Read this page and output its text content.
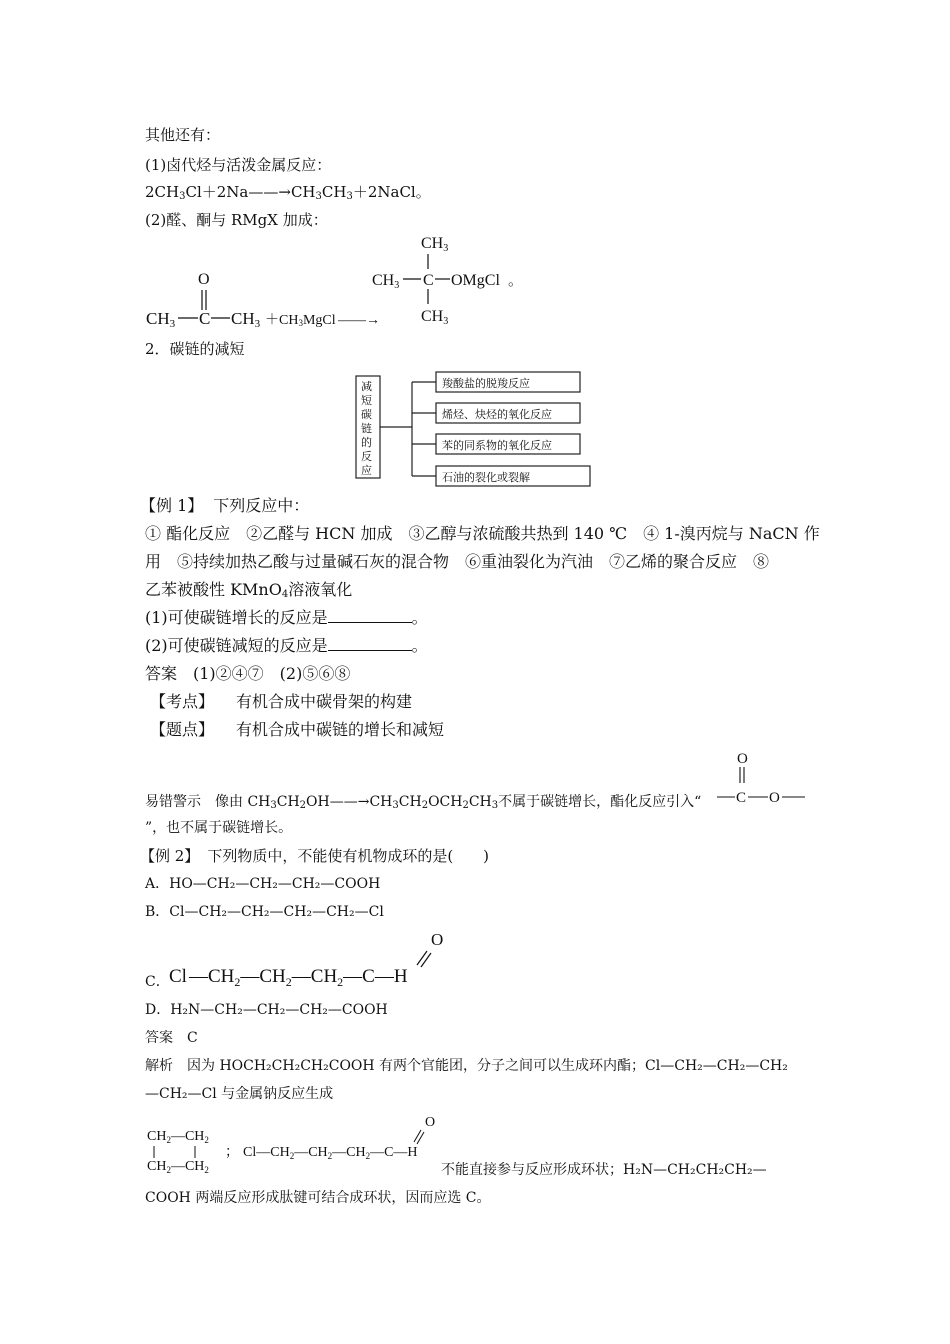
其他还有：
(1)卤代烃与活泼金属反应：
$2CH_3Cl+2Na——\to CH_3CH_3+2NaCl$。
(2)醛、酮与 RMgX 加成：
O
CH3 C CH3 ＋CH3MgCl ——→
CH3
CH3 C OMgCl 。
CH3
2．碳链的减短
减
短
碳
链
的
反
应
羧酸盐的脱羧反应
烯烃、炔烃的氧化反应
苯的同系物的氧化反应
石油的裂化或裂解
【例 1】 下列反应中：
① 酯化反应　②乙醛与 HCN 加成　③乙醇与浓硫酸共热到 140 ℃　④ 1-溴丙烷与 NaCN 作
用　⑤持续加热乙酸与过量碱石灰的混合物　⑥重油裂化为汽油　⑦乙烯的聚合反应　⑧
乙苯被酸性 KMnO$_4$溶液氧化
(1)可使碳链增长的反应是	。
(2)可使碳链减短的反应是	。
答案　(1)②④⑦　(2)⑤⑥⑧
【考点】 有机合成中碳骨架的构建
【题点】 有机合成中碳链的增长和减短
易错警示　 像由 $CH_3CH_2OH——\to CH_3CH_2OCH_2CH_3$不属于碳链增长，酯化反应引入“
O
C O
”，也不属于碳链增长。
【例 2】 下列物质中，不能使有机物成环的是(　　)
A．HO—CH₂—CH₂—CH₂—COOH
B．Cl—CH₂—CH₂—CH₂—CH₂—Cl
C．
O
Cl $—CH_2—CH_2—CH_2—C—H$
D．H₂N—CH₂—CH₂—CH₂—COOH
答案　C
解析　因为 HOCH₂CH₂CH₂COOH 有两个官能团，分子之间可以生成环内酯；Cl—CH₂—CH₂—CH₂
—CH₂—Cl 与金属钠反应生成
$CH_2—CH_2$
$CH_2—CH_2$
；
O
$Cl—CH_2—CH_2—CH_2—C—H$
不能直接参与反应形成环状；H₂N—CH₂CH₂CH₂—
COOH 两端反应形成肽键可结合成环状，因而应选 C。
